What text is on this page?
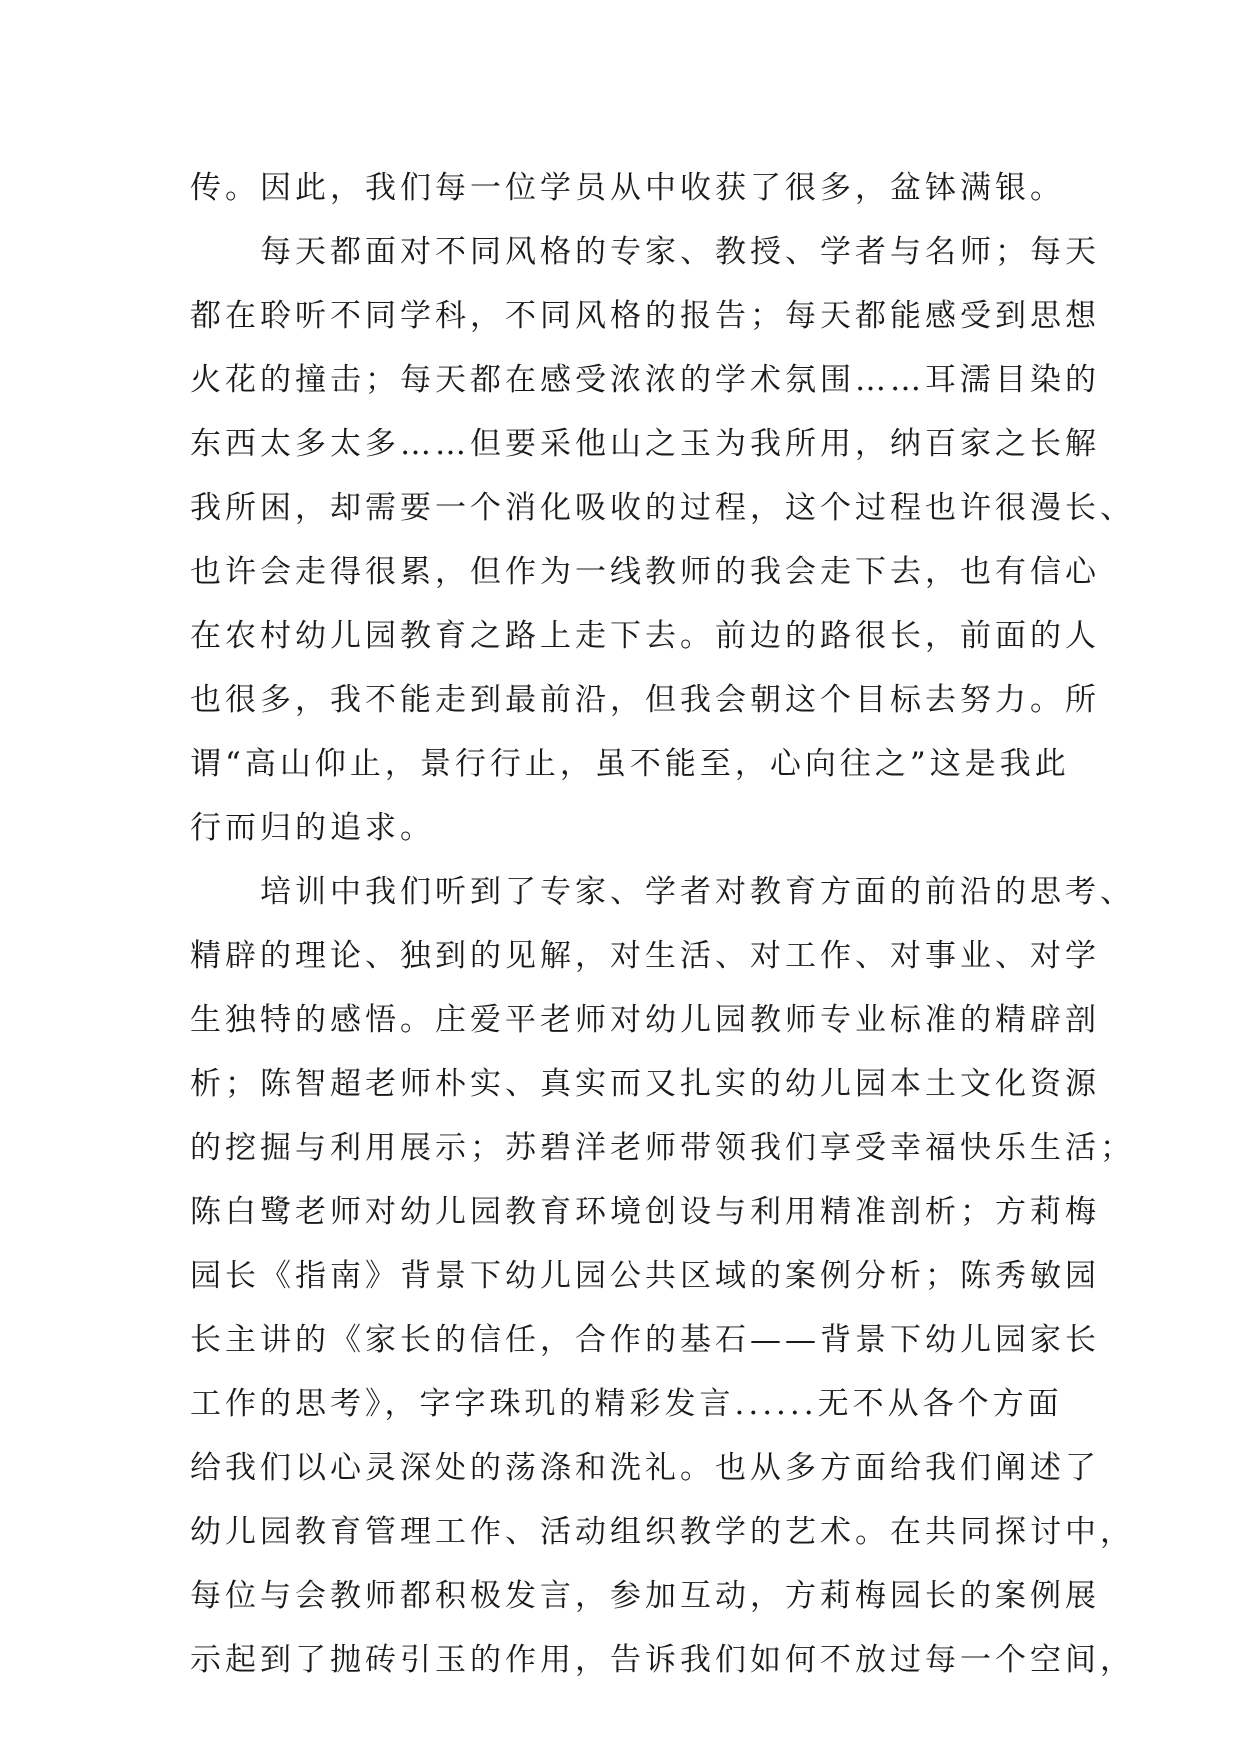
传。因此，我们每一位学员从中收获了很多，盆钵满银。
每天都面对不同风格的专家、教授、学者与名师；每天
都在聆听不同学科，不同风格的报告；每天都能感受到思想
火花的撞击；每天都在感受浓浓的学术氛围……耳濡目染的
东西太多太多……但要采他山之玉为我所用，纳百家之长解
我所困，却需要一个消化吸收的过程，这个过程也许很漫长、
也许会走得很累，但作为一线教师的我会走下去，也有信心
在农村幼儿园教育之路上走下去。前边的路很长，前面的人
也很多，我不能走到最前沿，但我会朝这个目标去努力。所
谓“高山仰止，景行行止，虽不能至，心向往之”这是我此
行而归的追求。
培训中我们听到了专家、学者对教育方面的前沿的思考、
精辟的理论、独到的见解，对生活、对工作、对事业、对学
生独特的感悟。庄爱平老师对幼儿园教师专业标准的精辟剖
析；陈智超老师朴实、真实而又扎实的幼儿园本土文化资源
的挖掘与利用展示；苏碧洋老师带领我们享受幸福快乐生活；
陈白鹭老师对幼儿园教育环境创设与利用精准剖析；方莉梅
园长《指南》背景下幼儿园公共区域的案例分析；陈秀敏园
长主讲的《家长的信任，合作的基石——背景下幼儿园家长
工作的思考》，字字珠玑的精彩发言......无不从各个方面
给我们以心灵深处的荡涤和洗礼。也从多方面给我们阐述了
幼儿园教育管理工作、活动组织教学的艺术。在共同探讨中，
每位与会教师都积极发言，参加互动，方莉梅园长的案例展
示起到了抛砖引玉的作用，告诉我们如何不放过每一个空间，
